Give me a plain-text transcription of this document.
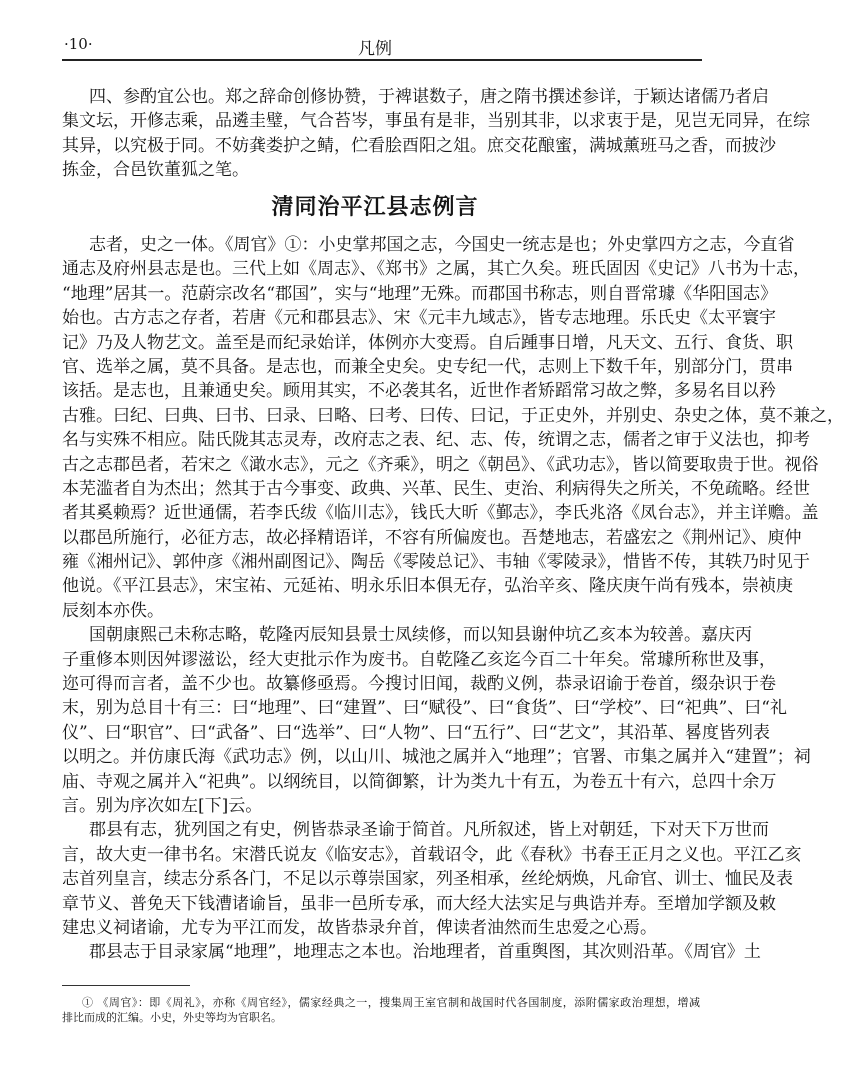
·10·	凡例
四、参酌宜公也。郑之辞命创修协赞，于裨谌数子，唐之隋书撰述参详，于颖达诸儒乃者启
集文坛，开修志乘，品遴圭璧，气合苔岑，事虽有是非，当别其非，以求衷于是，见岂无同异，在综
其异，以究极于同。不妨龚娄护之鲭，伫看脍酉阳之俎。庶交花酿蜜，满城薰班马之香，而披沙
拣金，合邑钦董狐之笔。
清同治平江县志例言
志者，史之一体。《周官》①：小史掌邦国之志，今国史一统志是也；外史掌四方之志，今直省
通志及府州县志是也。三代上如《周志》、《郑书》之属，其亡久矣。班氏固因《史记》八书为十志，
“地理”居其一。范蔚宗改名“郡国”，实与“地理”无殊。而郡国书称志，则自晋常璩《华阳国志》
始也。古方志之存者，若唐《元和郡县志》、宋《元丰九域志》，皆专志地理。乐氏史《太平寰宇
记》乃及人物艺文。盖至是而纪录始详，体例亦大变焉。自后踵事日增，凡天文、五行、食货、职
官、选举之属，莫不具备。是志也，而兼全史矣。史专纪一代，志则上下数千年，别部分门，贯串
该括。是志也，且兼通史矣。顾用其实，不必袭其名，近世作者矫蹈常习故之弊，多易名目以矜
古雅。曰纪、曰典、曰书、曰录、曰略、曰考、曰传、曰记，于正史外，并别史、杂史之体，莫不兼之，
名与实殊不相应。陆氏陇其志灵寿，改府志之表、纪、志、传，统谓之志，儒者之审于义法也，抑考
古之志郡邑者，若宋之《澉水志》，元之《齐乘》，明之《朝邑》、《武功志》，皆以简要取贵于世。视俗
本芜滥者自为杰出；然其于古今事变、政典、兴革、民生、吏治、利病得失之所关，不免疏略。经世
者其奚赖焉？近世通儒，若李氏绂《临川志》，钱氏大昕《鄞志》，李氏兆洛《凤台志》，并主详赡。盖
以郡邑所施行，必征方志，故必择精语详，不容有所偏废也。吾楚地志，若盛宏之《荆州记》、庾仲
雍《湘州记》、郭仲彦《湘州副图记》、陶岳《零陵总记》、韦轴《零陵录》，惜皆不传，其轶乃时见于
他说。《平江县志》，宋宝祐、元延祐、明永乐旧本俱无存，弘治辛亥、隆庆庚午尚有残本，崇祯庚
辰刻本亦佚。
国朝康熙己未称志略，乾隆丙辰知县景士凤续修，而以知县谢仲坑乙亥本为较善。嘉庆丙
子重修本则因舛谬滋讼，经大吏批示作为废书。自乾隆乙亥迄今百二十年矣。常璩所称世及事，
迩可得而言者，盖不少也。故纂修亟焉。今搜讨旧闻，裁酌义例，恭录诏谕于卷首，缀杂识于卷
末，别为总目十有三：曰“地理”、曰“建置”、曰“赋役”、曰“食货”、曰“学校”、曰“祀典”、曰“礼
仪”、曰“职官”、曰“武备”、曰“选举”、曰“人物”、曰“五行”、曰“艺文”，其沿革、晷度皆列表
以明之。并仿康氏海《武功志》例，以山川、城池之属并入“地理”；官署、市集之属并入“建置”；祠
庙、寺观之属并入“祀典”。以纲统目，以简御繁，计为类九十有五，为卷五十有六，总四十余万
言。别为序次如左[下]云。
郡县有志，犹列国之有史，例皆恭录圣谕于简首。凡所叙述，皆上对朝廷，下对天下万世而
言，故大吏一律书名。宋潜氏说友《临安志》，首载诏令，此《春秋》书春王正月之义也。平江乙亥
志首列皇言，续志分系各门，不足以示尊崇国家，列圣相承，丝纶炳焕，凡命官、训士、恤民及表
章节义、普免天下钱漕诸谕旨，虽非一邑所专承，而大经大法实足与典诰并寿。至增加学额及敕
建忠义祠诸谕，尤专为平江而发，故皆恭录弁首，俾读者油然而生忠爱之心焉。
郡县志于目录家属“地理”，地理志之本也。治地理者，首重舆图，其次则沿革。《周官》土
① 《周官》：即《周礼》，亦称《周官经》，儒家经典之一，搜集周王室官制和战国时代各国制度，添附儒家政治理想，增减
排比而成的汇编。小史，外史等均为官职名。
